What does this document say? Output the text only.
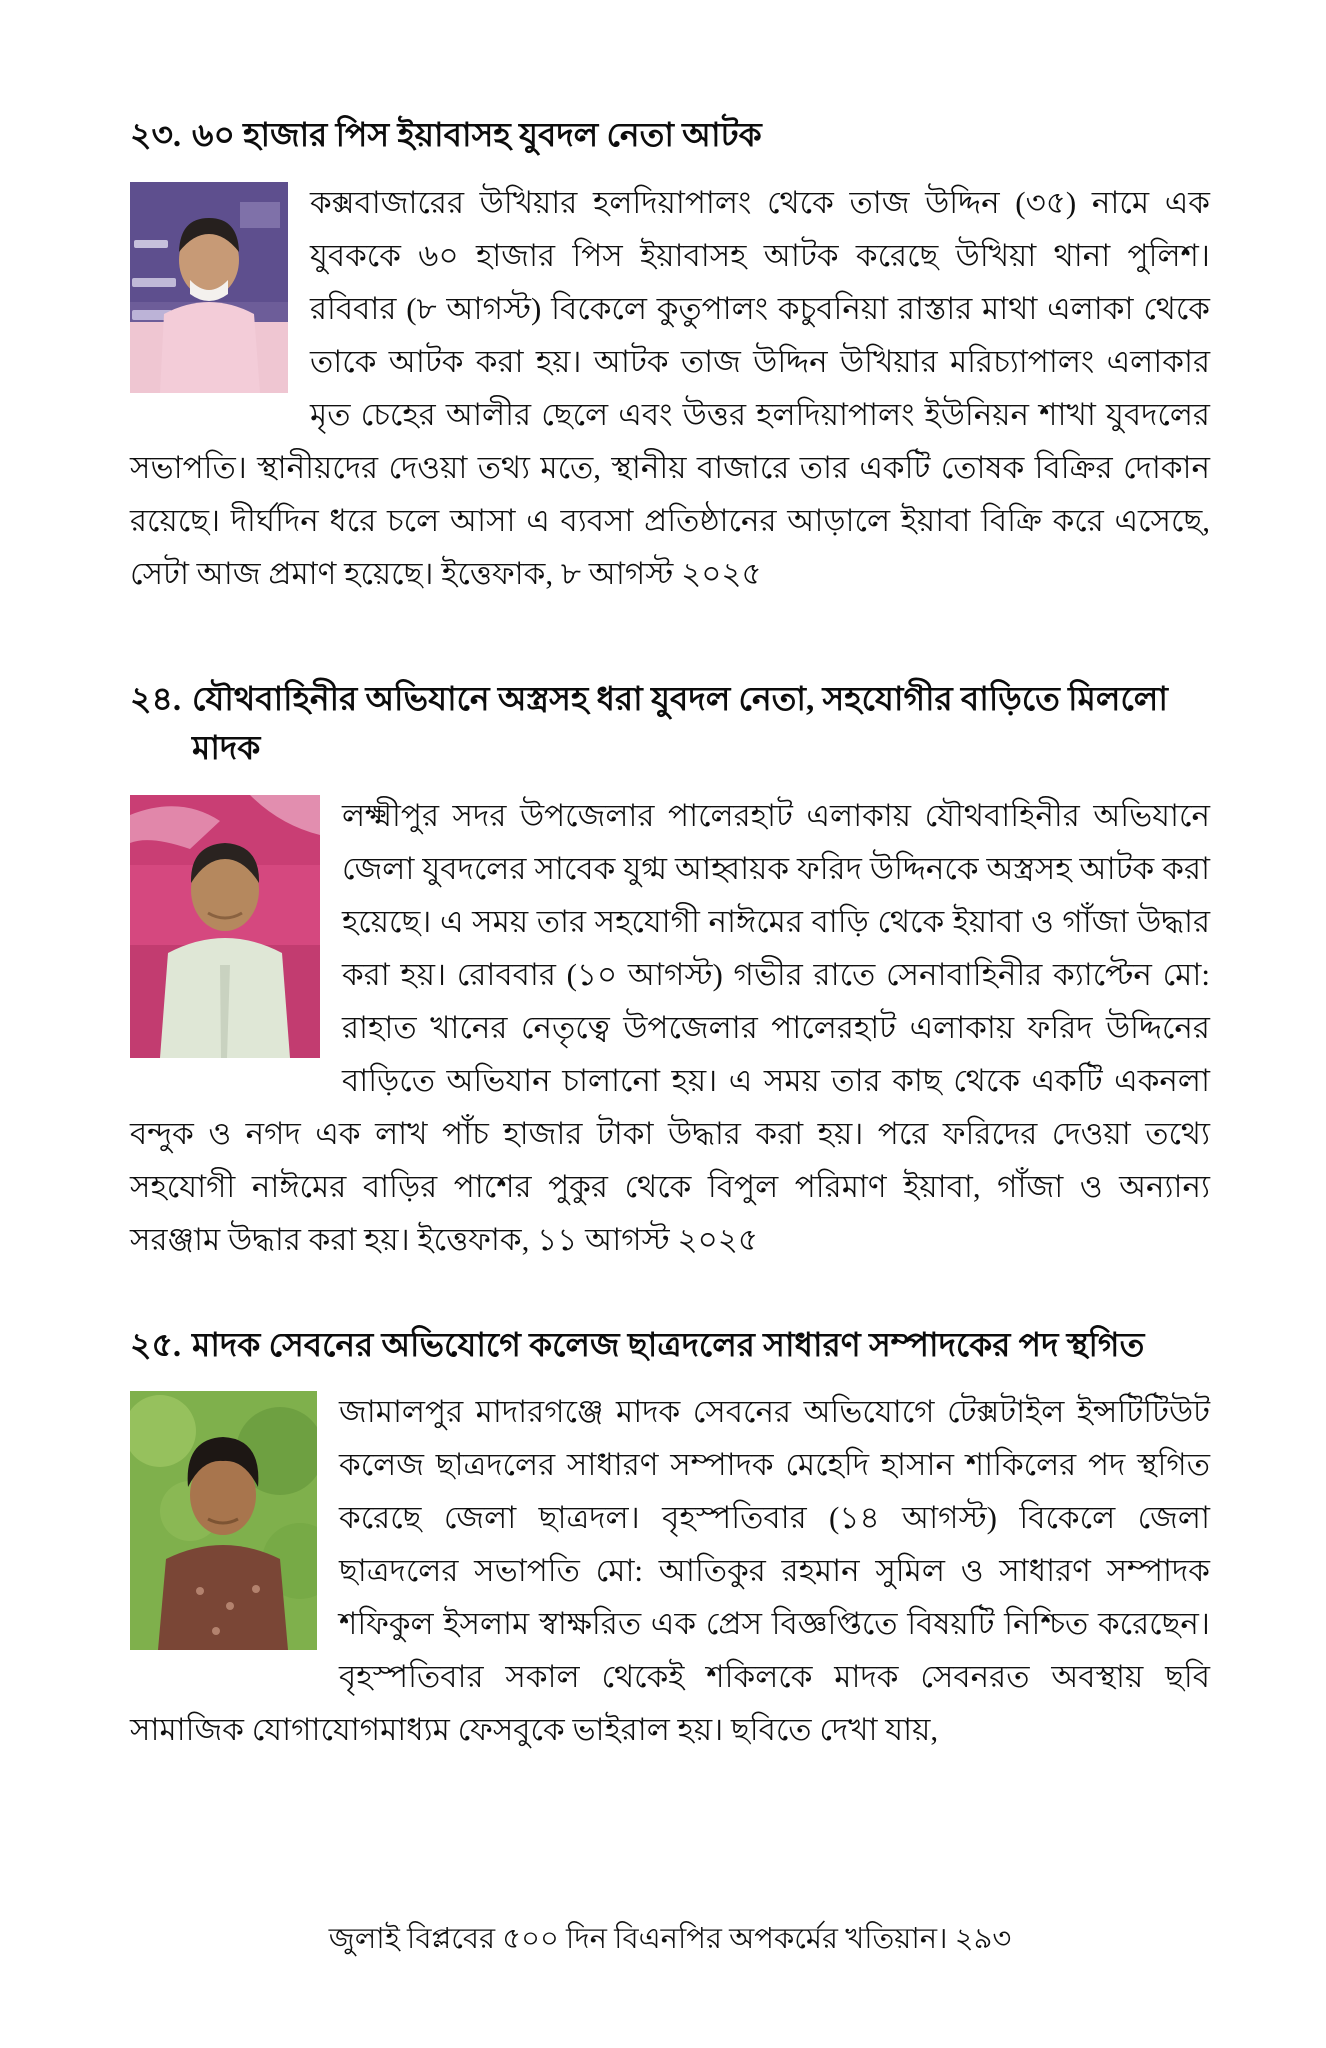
২৩. ৬০ হাজার পিস ইয়াবাসহ যুবদল নেতা আটক
কক্সবাজারের উখিয়ার হলদিয়াপালং থেকে তাজ উদ্দিন (৩৫) নামে এক যুবককে ৬০ হাজার পিস ইয়াবাসহ আটক করেছে উখিয়া থানা পুলিশ। রবিবার (৮ আগস্ট) বিকেলে কুতুপালং কচুবনিয়া রাস্তার মাথা এলাকা থেকে তাকে আটক করা হয়। আটক তাজ উদ্দিন উখিয়ার মরিচ্যাপালং এলাকার মৃত চেহের আলীর ছেলে এবং উত্তর হলদিয়াপালং ইউনিয়ন শাখা যুবদলের সভাপতি। স্থানীয়দের দেওয়া তথ্য মতে, স্থানীয় বাজারে তার একটি তোষক বিক্রির দোকান রয়েছে। দীর্ঘদিন ধরে চলে আসা এ ব্যবসা প্রতিষ্ঠানের আড়ালে ইয়াবা বিক্রি করে এসেছে, সেটা আজ প্রমাণ হয়েছে। ইত্তেফাক, ৮ আগস্ট ২০২৫
২৪. যৌথবাহিনীর অভিযানে অস্ত্রসহ ধরা যুবদল নেতা, সহযোগীর বাড়িতে মিললো মাদক
লক্ষ্মীপুর সদর উপজেলার পালেরহাট এলাকায় যৌথবাহিনীর অভিযানে জেলা যুবদলের সাবেক যুগ্ম আহ্বায়ক ফরিদ উদ্দিনকে অস্ত্রসহ আটক করা হয়েছে। এ সময় তার সহযোগী নাঈমের বাড়ি থেকে ইয়াবা ও গাঁজা উদ্ধার করা হয়। রোববার (১০ আগস্ট) গভীর রাতে সেনাবাহিনীর ক্যাপ্টেন মো: রাহাত খানের নেতৃত্বে উপজেলার পালেরহাট এলাকায় ফরিদ উদ্দিনের বাড়িতে অভিযান চালানো হয়। এ সময় তার কাছ থেকে একটি একনলা বন্দুক ও নগদ এক লাখ পাঁচ হাজার টাকা উদ্ধার করা হয়। পরে ফরিদের দেওয়া তথ্যে সহযোগী নাঈমের বাড়ির পাশের পুকুর থেকে বিপুল পরিমাণ ইয়াবা, গাঁজা ও অন্যান্য সরঞ্জাম উদ্ধার করা হয়। ইত্তেফাক, ১১ আগস্ট ২০২৫
২৫. মাদক সেবনের অভিযোগে কলেজ ছাত্রদলের সাধারণ সম্পাদকের পদ স্থগিত
জামালপুর মাদারগঞ্জে মাদক সেবনের অভিযোগে টেক্সটাইল ইন্সটিটিউট কলেজ ছাত্রদলের সাধারণ সম্পাদক মেহেদি হাসান শাকিলের পদ স্থগিত করেছে জেলা ছাত্রদল। বৃহস্পতিবার (১৪ আগস্ট) বিকেলে জেলা ছাত্রদলের সভাপতি মো: আতিকুর রহমান সুমিল ও সাধারণ সম্পাদক শফিকুল ইসলাম স্বাক্ষরিত এক প্রেস বিজ্ঞপ্তিতে বিষয়টি নিশ্চিত করেছেন। বৃহস্পতিবার সকাল থেকেই শকিলকে মাদক সেবনরত অবস্থায় ছবি সামাজিক যোগাযোগমাধ্যম ফেসবুকে ভাইরাল হয়। ছবিতে দেখা যায়,
জুলাই বিপ্লবের ৫০০ দিন বিএনপির অপকর্মের খতিয়ান। ২৯৩
